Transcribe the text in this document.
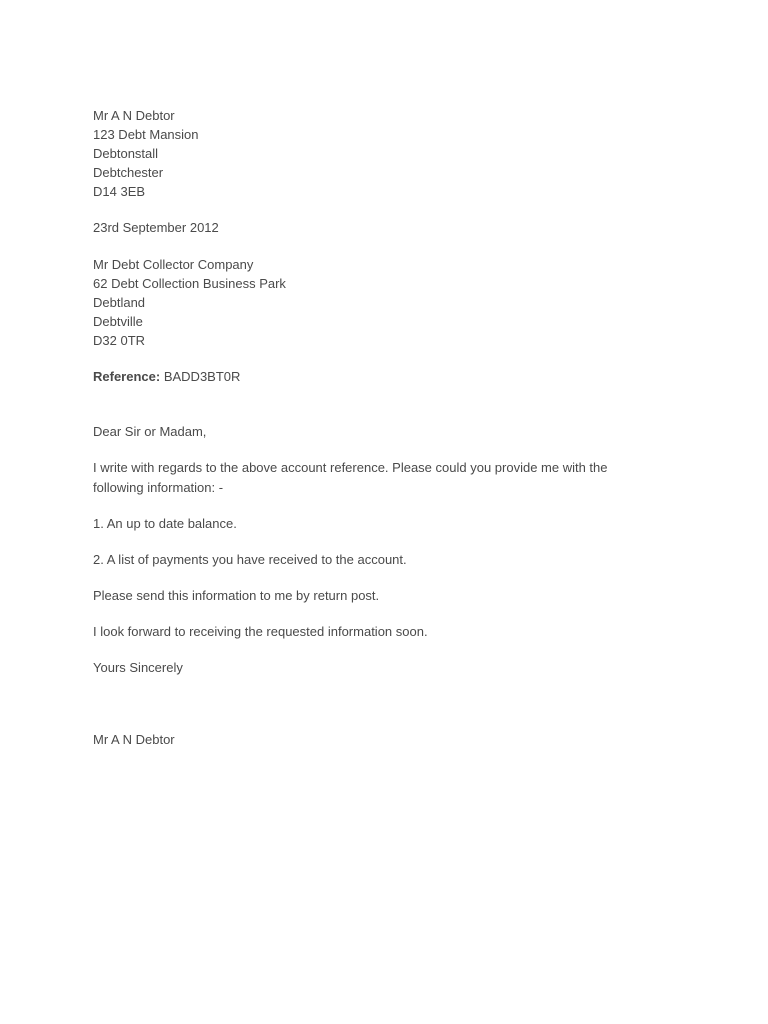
Mr A N Debtor
123 Debt Mansion
Debtonstall
Debtchester
D14 3EB
23rd September 2012
Mr Debt Collector Company
62 Debt Collection Business Park
Debtland
Debtville
D32 0TR
Reference: BADD3BT0R
Dear Sir or Madam,
I write with regards to the above account reference. Please could you provide me with the following information: -
1. An up to date balance.
2. A list of payments you have received to the account.
Please send this information to me by return post.
I look forward to receiving the requested information soon.
Yours Sincerely
Mr A N Debtor
